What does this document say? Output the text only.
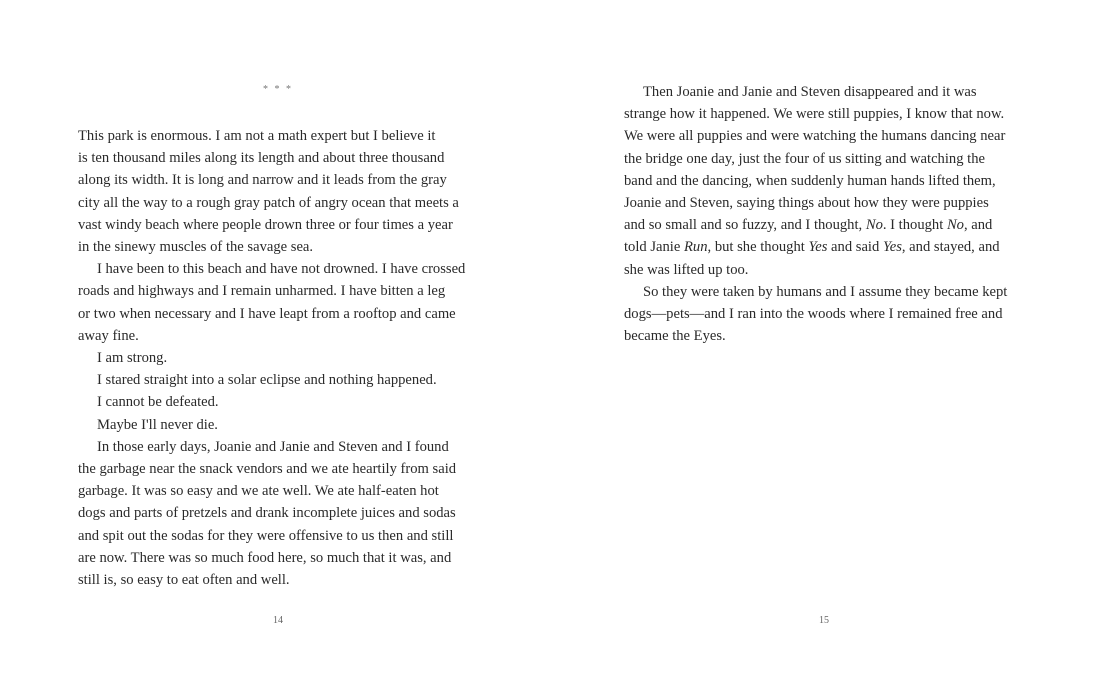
* * *
This park is enormous. I am not a math expert but I believe it
is ten thousand miles along its length and about three thousand
along its width. It is long and narrow and it leads from the gray
city all the way to a rough gray patch of angry ocean that meets a
vast windy beach where people drown three or four times a year
in the sinewy muscles of the savage sea.
I have been to this beach and have not drowned. I have crossed
roads and highways and I remain unharmed. I have bitten a leg
or two when necessary and I have leapt from a rooftop and came
away fine.
I am strong.
I stared straight into a solar eclipse and nothing happened.
I cannot be defeated.
Maybe I'll never die.
In those early days, Joanie and Janie and Steven and I found
the garbage near the snack vendors and we ate heartily from said
garbage. It was so easy and we ate well. We ate half-eaten hot
dogs and parts of pretzels and drank incomplete juices and sodas
and spit out the sodas for they were offensive to us then and still
are now. There was so much food here, so much that it was, and
still is, so easy to eat often and well.
14
Then Joanie and Janie and Steven disappeared and it was
strange how it happened. We were still puppies, I know that now.
We were all puppies and were watching the humans dancing near
the bridge one day, just the four of us sitting and watching the
band and the dancing, when suddenly human hands lifted them,
Joanie and Steven, saying things about how they were puppies
and so small and so fuzzy, and I thought, No. I thought No, and
told Janie Run, but she thought Yes and said Yes, and stayed, and
she was lifted up too.
So they were taken by humans and I assume they became kept
dogs—pets—and I ran into the woods where I remained free and
became the Eyes.
15
